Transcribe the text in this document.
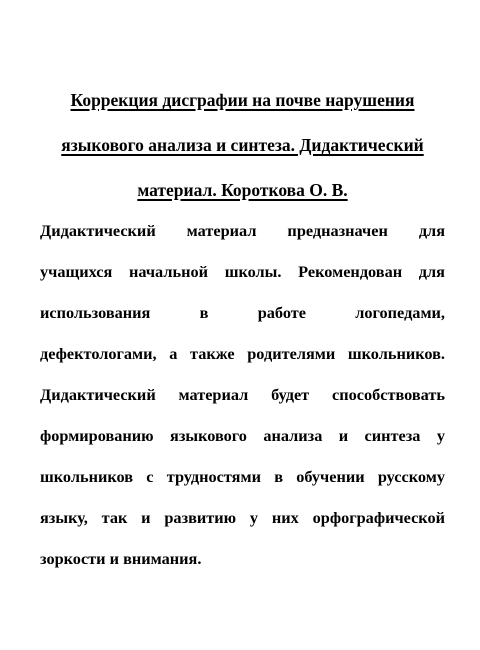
Коррекция дисграфии на почве нарушения
языкового анализа и синтеза. Дидактический
материал. Короткова О. В.

Дидактический материал предназначен для
учащихся начальной школы. Рекомендован для
использования в работе логопедами,
дефектологами, а также родителями школьников.
Дидактический материал будет способствовать
формированию языкового анализа и синтеза у
школьников с трудностями в обучении русскому
языку, так и развитию у них орфографической
зоркости и внимания.
